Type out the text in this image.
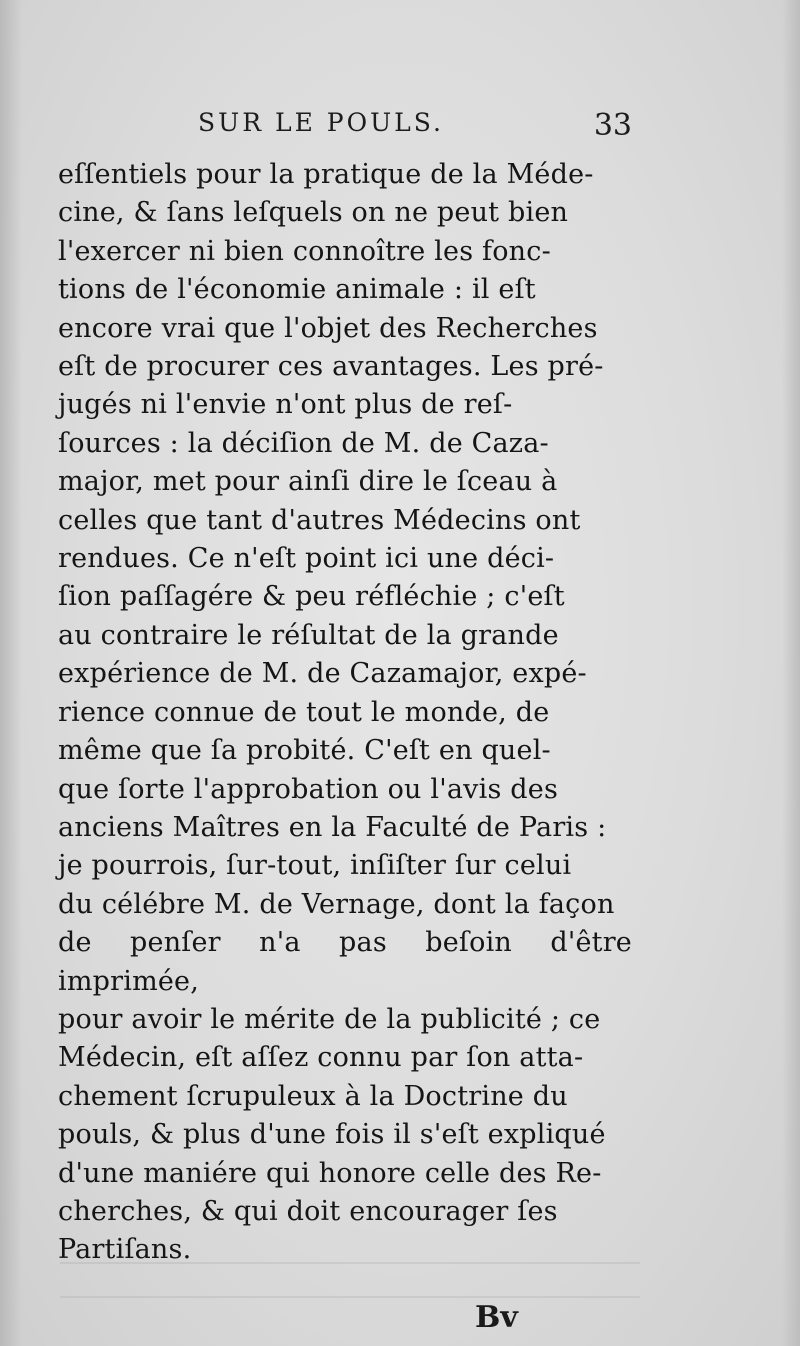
SUR LE POULS.	33

eſſentiels pour la pratique de la Méde-
cine, & ſans leſquels on ne peut bien
l'exercer ni bien connoître les fonc-
tions de l'économie animale : il eſt
encore vrai que l'objet des Recherches
eſt de procurer ces avantages. Les pré-
jugés ni l'envie n'ont plus de reſ-
ſources : la déciſion de M. de Caza-
major, met pour ainſi dire le ſceau à
celles que tant d'autres Médecins ont
rendues. Ce n'eſt point ici une déci-
ſion paſſagére & peu réfléchie ; c'eſt
au contraire le réſultat de la grande
expérience de M. de Cazamajor, expé-
rience connue de tout le monde, de
même que ſa probité. C'eſt en quel-
que ſorte l'approbation ou l'avis des
anciens Maîtres en la Faculté de Paris :
je pourrois, ſur-tout, inſiſter ſur celui
du célébre M. de Vernage, dont la façon
de penſer n'a pas beſoin d'être imprimée,
pour avoir le mérite de la publicité ; ce
Médecin, eſt aſſez connu par ſon atta-
chement ſcrupuleux à la Doctrine du
pouls, & plus d'une fois il s'eſt expliqué
d'une maniére qui honore celle des Re-
cherches, & qui doit encourager ſes
Partiſans.

Bv
